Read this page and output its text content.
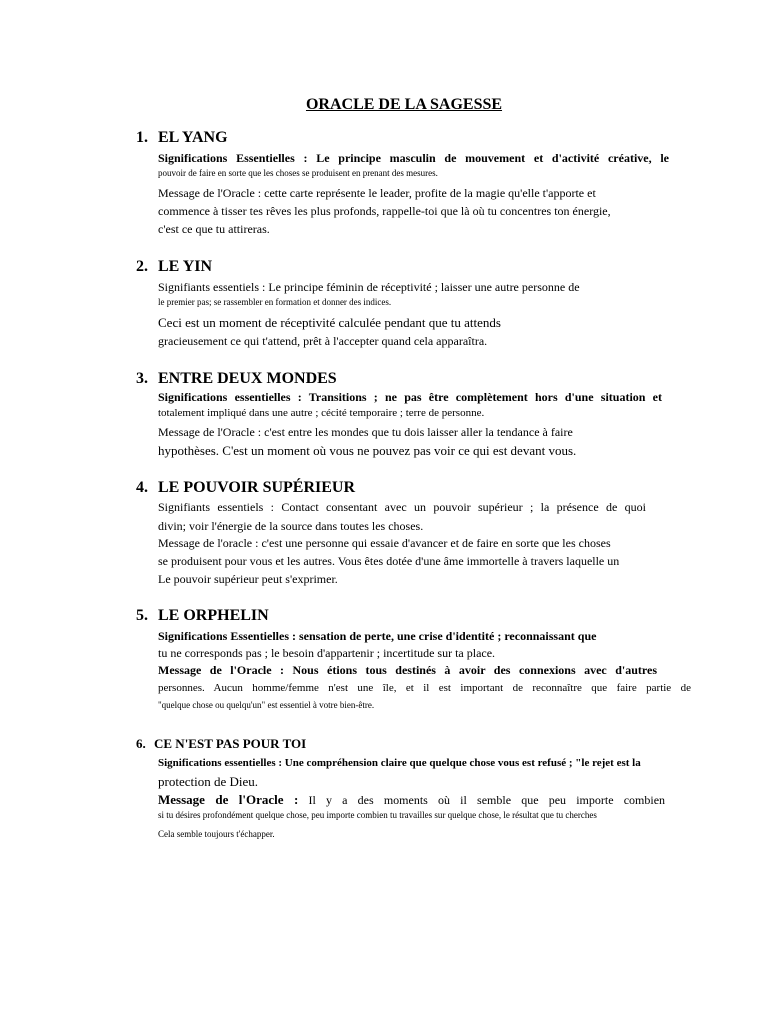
ORACLE DE LA SAGESSE
1. EL YANG
Significations Essentielles : Le principe masculin de mouvement et d'activité créative, le
pouvoir de faire en sorte que les choses se produisent en prenant des mesures.
Message de l'Oracle : cette carte représente le leader, profite de la magie qu'elle t'apporte et
commence à tisser tes rêves les plus profonds, rappelle-toi que là où tu concentres ton énergie,
c'est ce que tu attireras.
2. LE YIN
Signifiants essentiels : Le principe féminin de réceptivité ; laisser une autre personne de
le premier pas; se rassembler en formation et donner des indices.
Ceci est un moment de réceptivité calculée pendant que tu attends
gracieusement ce qui t'attend, prêt à l'accepter quand cela apparaîtra.
3. ENTRE DEUX MONDES
Significations essentielles : Transitions ; ne pas être complètement hors d'une situation et
totalement impliqué dans une autre ; cécité temporaire ; terre de personne.
Message de l'Oracle : c'est entre les mondes que tu dois laisser aller la tendance à faire
hypothèses. C'est un moment où vous ne pouvez pas voir ce qui est devant vous.
4. LE POUVOIR SUPÉRIEUR
Signifiants essentiels : Contact consentant avec un pouvoir supérieur ; la présence de quoi
divin; voir l'énergie de la source dans toutes les choses.
Message de l'oracle : c'est une personne qui essaie d'avancer et de faire en sorte que les choses
se produisent pour vous et les autres. Vous êtes dotée d'une âme immortelle à travers laquelle un
Le pouvoir supérieur peut s'exprimer.
5. LE ORPHELIN
Significations Essentielles : sensation de perte, une crise d'identité ; reconnaissant que
tu ne corresponds pas ; le besoin d'appartenir ; incertitude sur ta place.
Message de l'Oracle : Nous étions tous destinés à avoir des connexions avec d'autres
personnes. Aucun homme/femme n'est une île, et il est important de reconnaître que faire partie de
"quelque chose ou quelqu'un" est essentiel à votre bien-être.
6. CE N'EST PAS POUR TOI
Significations essentielles : Une compréhension claire que quelque chose vous est refusé ; "le rejet est la
protection de Dieu.
Message de l'Oracle : Il y a des moments où il semble que peu importe combien
si tu désires profondément quelque chose, peu importe combien tu travailles sur quelque chose, le résultat que tu cherches
Cela semble toujours t'échapper.
